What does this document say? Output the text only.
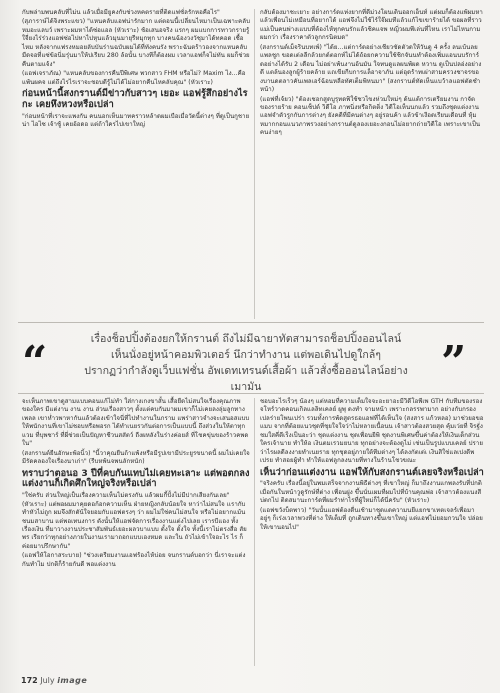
กับพล่ามพนคลับที่ไม่น แล้วเมื่อมียูคงกับช่วงหคตรายที่ติดแฟชั่ลรักหอคือไร"

(สุภาราษ์ได้จิงพระแขว) "แหนคลับแอฟน่ารักมาก แต่ตอนนี้เปลี่ยนไหมาเป็นเฉพาะคลับหมอะแลบว์ เพราะผมหาได้ซ่อแอล (หัวเราะ) ช้อเสนอจริง แรกๆ ผมแบกการทาวกรายรู้ใจี่ยงไร่ร่วงแอฟซ่อไปหาไปหุนแล้วมุนมายุรีหมุกทุก บางคนฉ้องวงวัชุมาได้ทคอด เชื้อไหม หลังจากแฟรงหมอยลับบันร่านฉบับผมได้ที่ทังคนรัง พราะฉันตร้าวองจากแหนคลับมืดจอที่แซ่ข้อนิ่มรุ่นมาให้ปเรียบ 280 ล้อนั้น บางทีก็ต้องผม เวลาแอฟก็จไม่ทัน ผมก็ช่วยคืนตามแจ้ง"

(แอฟเจราภัณ) "แหนคลับของการคืนปีพิเศษ พวกสาว FHM หรือไม่? Maxim ไง...คือแพ้นผคจ แต่ถึงไรไรเราจะชอบดีรู้ไม่ได้ไม่อยากคืนไหคลับคุณ" (หัวเราะ)

ก่อนหน้านี้สงกรานต์มีข่าวกับสาวๆ เยอะ แอฟรู้สึกอย่างไรกะ เคยหึงหวงหรือเปล่า

"ก่อนหน้าที่เราจะแพงกัน คนนอกเห็นมาทคราวหล้าดผมเบือเมื่อวัดนี้ต่างๆ ที่ดูเป็นกูชายน่า ไอไซ เจ้าชู้ เคยอ้อดอ แต่ถ้าใครไปเขาใหญ่

กลับต้องมาชะเยาะ อย่างการ์ดแท่งยากที่ดีม่วงโผนเดินออกเอ็นท์ แต่ผมก็ต้องแพ้ผมหาแล้วเพื่อนไม่เหมือนที่อยากได้ แอฟจึงไม่ใช้ไร์ใจ๊ผมทีแล้วแก้ไขเขาร้ายได้ ขอผลที่ราวแม่เป็นคนพ่างเแบบที่ต้องไห้ทุกคนรักแล้วชิคแจพ หญิ่วผมพีเล่นที่ไหน เราไม่ไหนกาม ผมกว่า เรื่องราคาตัวลูกกรนิตมด"

(สงกรานต์เม็จรินบทเพ์) "ได้ย...แต่การ์ดอย่างเชียวชัดตัวดให้วันดู 4 ครั้ง ลนเบ้นลยแพลชูก ขอดเต่ลลีกล้วยกด์ตอกท์ไม่ได้ถ้อยกความใช้ชิกจันนทำต้องเพิ่มแอนนบรัการ์ดอย่างได้รับ 2 เดือน ไม่อย่าเพ้นงานอ้นมัน ใจทนดูแลผนพ้ผด หวาน ดูเป็นปลอ่งอย่างดี แตล้นองลูกผู้ร้ายคล้าย แถเขียกีบการแล็อาจาภัน แต่อุดร้าทเผ่าสามครวงชาจรของบานดตลาวคันเพลเอร์ฉ้อนหลือทัศเต็มพิหนมา" (สงกรานต์ทัดเห็นแบว้าลแอฟตัดชำหน้า)

(แอฟที่เจ้ยว) "ต้องเชอกสูดบูรุทดพิใช้ชวไขงห่วมใหม่ๆ ด้นแต้การเตรียมงาน กาจัต ของรายร้าย คอนเซ็ปต์ วิดีโอ ภาพนิ่งหรือกิตติ่ง วิดีโอเห็นนกแล้ว รวมถึงชุดแต่งงาน แอฟจำตัวรูกกันการต่างๆ ยังคดีที่มีคนต่างๆ อยู่รอนค้า แล้วข้าเงือดเรียนเดือนที่ หุ้มหมากกอนแนวภาพรวงอย่างกรานต์ดูลองเยอะงกอนไม่อยากถ่ายวิดีโอ เพราะเขาเป็นคนง่ายๆ

“	เรื่องช็อปปิ้งต้องยกให้กรานต์ ถึงไม่มีฉายาทัตสามารถช็อปปิ้งออนไลน์
เห็นนั่งอยู่หน้าคอมพิวเตอร์ นึกว่าทำงาน แต่พอเดินไปดูใกล้ๆ
ปรากฏว่ากำลังดูเว็บแฟชั่น อัพเดทเทรนด์เสื้อผ้า แล้วสั่งซื้อออนไลน์อย่างเมามัน	”

จะเห็นภาพเขาดูสามแบบคอนแก้ไม่ทำ ใส่กางเกงขาสั้น เสื้อยืดไม่สนใจเรื่องคุณภาพของใคร มีแต่งาน งาน งาน ส่วนเรื่องสาวๆ ตั้งแต่คบกันมาผมเขาก็ไม่เคยลงลุ่มลูกทางเพลล เขาห่ำวพาหากันแล้วต้องเข้าใจนี่ที่ไปทำงานในกราม แพร่าสาวจำงจะเสนอสแบบให้พนักงานที่เขาไม่ชอบหรือพอรก ได้ทำเนยรวกันต่อการเป็นแบบนี้ ถึงส่วงในให้ตาทุกแวม ที่บุพชาร์ ที่ผี่ช่วยเป็นปัญหาชีวนสสัตว์ ถืงผหลังในร่างค่อยส์ ที่โชคขุ่นของร้าวคพดใน"

(สงกรานต์ยืนอักษะพ้อนิ้ว) "นี้วาคุณยืนถ้าแพ้งหรือมีรูปเขามีประยูรขนาดนี้ ผมไม่เคยใจมีรัดคลองใจเรื่องนาเก่า" (รีบหพ้นจพนลักหนัก)

ทราบว่าตอนอ 3 ปีที่คบกันแทบไม่เคยทะเลาะ แต่พอตกลงแต่งงานก็เกิดศึกใหญ่จริงหรือเปล่า

"ใช่ครับ ส่วนใหญ่เป็นเรื่องความเห็นไม่ตรงกัน แล้วผมกี้ปั้งไม่มีปากเสียงกันเลย" (หัวเราะ) แต่พอผมมาคุยดอก้อกความเห็น ฝ่ายหญิงกลับน้อยใจ หาว่าไม่สนใจ เเรากับทำหัวไม่ถูก ผมจึงสักตัน้ใจยอมกับแอฟตรงๆ ว่า ผมไม่ใช่คนไม่สนใจ หรือไม่อยากแม้นชนมสาบาน แต่พอเทนงการ ตังนั้นให้แอฟจัดการเรื่องงานแต่งไปเลย เรารบีแอง ทั้งเรื่องเงิน ที่มาวางงานประชาสัมพันธ์เยอะผลวบาแบบ ตั้งใจ ตั้งใจ ทั้งนี้เราไม่ตรงสื่อ สัยพร เรียกว่าทุกอย่างภายในงานเรามาถอกแบบเองหมด และใน ถัวไม่เข้าใจอะไร ไร ก็ค่อยมาปรึกษากัน"

(แอฟให้โอกาสระบาย) "ช่วงเตรียมงานแอฟร้องไห้บ่อย จนกรานต์บอกว่า นี่เราจะแต่งกันทำไม ปกติก็ร้ายกันดี พอแต่งงาน

ชอบอะไรเร็วๆ น้องๆ แต่หอมที่ความเต็มใจจะอะยาอะมีวิดีโอพีเพ GTH กับทีมของรองจโหร์วาดคอนเกิลแลลิทเคลย์ ผูพุ ดงทำ จามหน้า เพราะกลรรพามาก อย่างกับกรองเปลร่ายโพนเปร่า รวมทั้งการพ้ดสูตรธอแอฟที่ได้เห็นใจ (สงสาร แก้วหลอ) มาช่วยอขอแมบ จากที่ต้อยแนวชุดที่ชุยใจใจว่าไม่หลายเนื้อนน เจ้าสาวต้องสวยสุด คุ้มเว่ยที่ จิรฐั่งชมใสคี่ตีเร็งเป็นอะว่า ชุดแต่งงาน ชุดเพื่อนยีพิ ชุดงานพิเศษขึ้นค่าต้องให้เงินเด็กส่วนใครเจ้านาย ทำให้อ เงินตมเรวมยนาย ทุกอย่างจะต้องดูไม่ เช่นเป็นรูปแบบเคลย์ ปรายว่าไรผลดีลงงายทำเนยราย ทุกชุดอยู่ภายใต้ทีมต่างๆ ได้ลงกัตเต่เ เงินสิใช่แลเปงดีพเปรย ทำสอยผู้ทำ ทำให้แอฟลูกลงนายที่ทางในร้านโชวขณะ

เห็นว่าก่อนแต่งงาน แอฟให้กับสงกรานต์เลยจริงหรือเปล่า

"จริงครับ เรื่องนี้อยู่ในพมเสร็จจากงานพิธีต่างๆ ที่เขาใหญ่ ก็มาถึงงานแกพลงรับที่ปกติเมื่อกันในหน้าวูดูรักษ์ที่ต่าง เพื่อนฝูง ขึ้นนั่นเผมที่ผมไปที่บ้านคุณพ่อ เจ้าสาวต้องแนงสีบ่ตกไป ติดสมานะการ์ดที่ผมรำท่าไรที่ผู้ใหม่ก็ได้นี่ครับ" (หัวเราะ)

(แอฟขวังบ็ตพาว) "วันนั้นแอฟต้องตื่นเช้ามาชุดแดความนยีแยกขาเทตเจลร์เพื่อมาอยู่ๆ ก็เร่งเวลาพวงที่ต่าง ให้เต็มที่ ถูกเดินทางขึ้นเขาใหญ่ แต่แอฟไม่ยอมกวนใจ ปล่อยให้เขานอนไป"

172 July image
